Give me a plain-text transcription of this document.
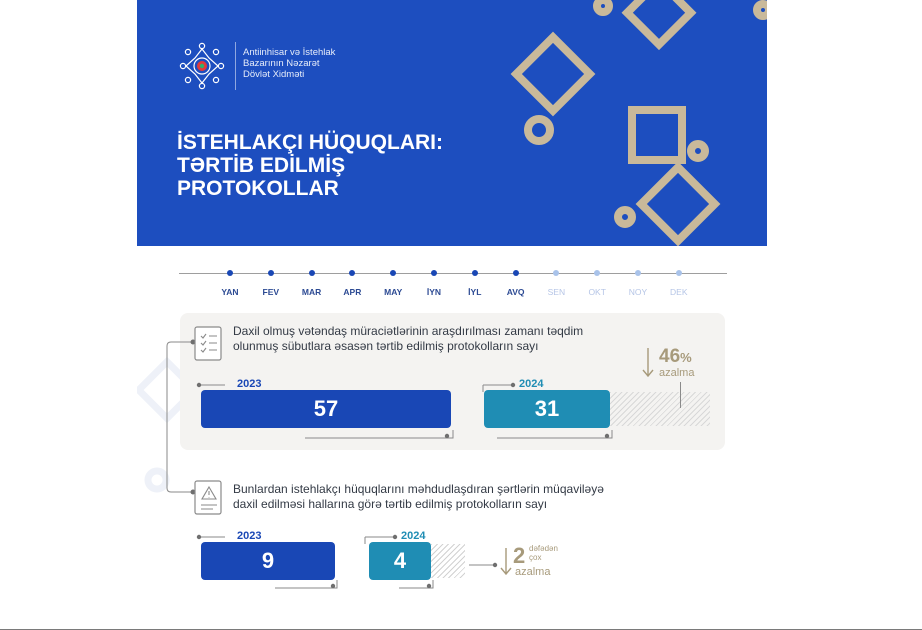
Antiinhisar və İstehlak
Bazarının Nəzarət
Dövlət Xidməti
İSTEHLAKÇI HÜQUQLARI:
TƏRTİB EDİLMİŞ
PROTOKOLLAR
YAN	FEV	MAR	APR	MAY	İYN	İYL	AVQ	SEN	OKT	NOY	DEK
Daxil olmuş vətəndaş müraciətlərinin araşdırılması zamanı təqdim
olunmuş sübutlara əsasən tərtib edilmiş protokolların sayı
2023
57
2024
31
46%
azalma
Bunlardan istehlakçı hüquqlarını məhdudlaşdıran şərtlərin müqaviləyə
daxil edilməsi hallarına görə tərtib edilmiş protokolların sayı
2023
9
2024
4	2 dəfədən
çox
azalma
